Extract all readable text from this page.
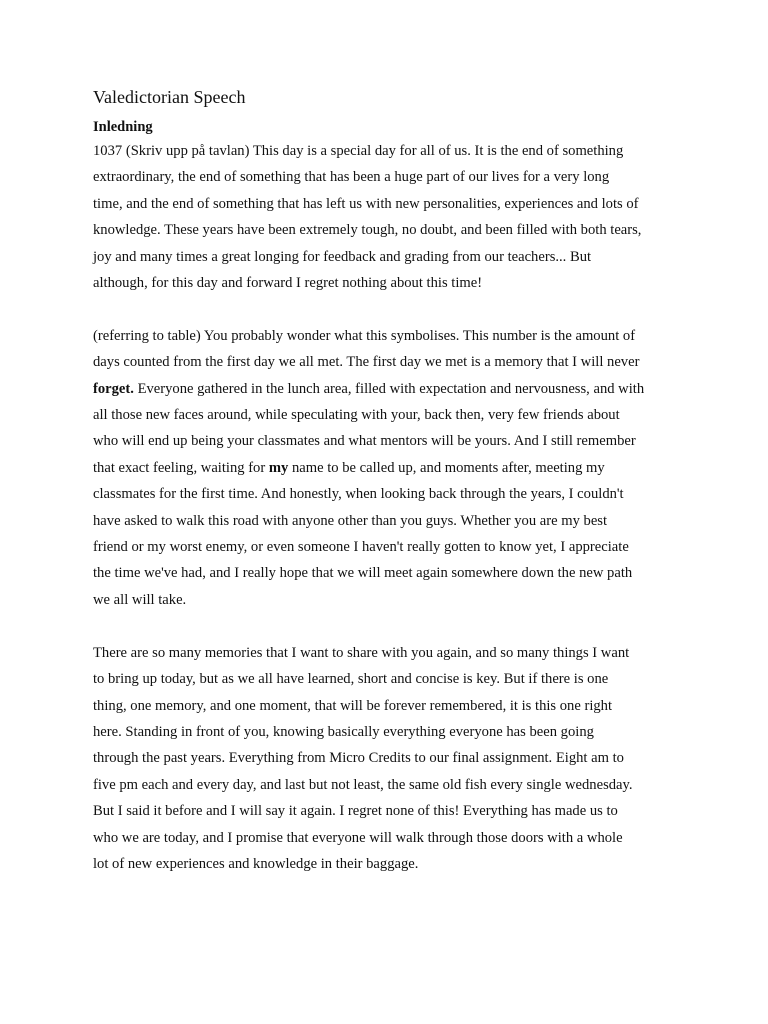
Valedictorian Speech
Inledning
1037 (Skriv upp på tavlan) This day is a special day for all of us. It is the end of something
extraordinary, the end of something that has been a huge part of our lives for a very long
time, and the end of something that has left us with new personalities, experiences and lots of
knowledge. These years have been extremely tough, no doubt, and been filled with both tears,
joy and many times a great longing for feedback and grading from our teachers... But
although, for this day and forward I regret nothing about this time!
(referring to table) You probably wonder what this symbolises. This number is the amount of
days counted from the first day we all met. The first day we met is a memory that I will never
forget. Everyone gathered in the lunch area, filled with expectation and nervousness, and with
all those new faces around, while speculating with your, back then, very few friends about
who will end up being your classmates and what mentors will be yours. And I still remember
that exact feeling, waiting for my name to be called up, and moments after, meeting my
classmates for the first time. And honestly, when looking back through the years, I couldn't
have asked to walk this road with anyone other than you guys. Whether you are my best
friend or my worst enemy, or even someone I haven't really gotten to know yet, I appreciate
the time we've had, and I really hope that we will meet again somewhere down the new path
we all will take.
There are so many memories that I want to share with you again, and so many things I want
to bring up today, but as we all have learned, short and concise is key. But if there is one
thing, one memory, and one moment, that will be forever remembered, it is this one right
here. Standing in front of you, knowing basically everything everyone has been going
through the past years. Everything from Micro Credits to our final assignment. Eight am to
five pm each and every day, and last but not least, the same old fish every single wednesday.
But I said it before and I will say it again. I regret none of this! Everything has made us to
who we are today, and I promise that everyone will walk through those doors with a whole
lot of new experiences and knowledge in their baggage.
